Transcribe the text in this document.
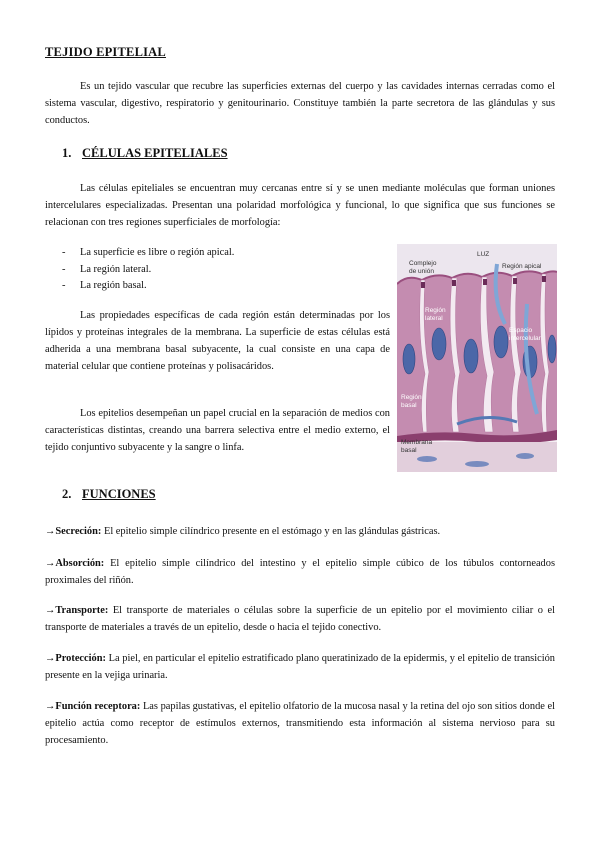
TEJIDO EPITELIAL

Es un tejido vascular que recubre las superficies externas del cuerpo y las cavidades internas cerradas como el sistema vascular, digestivo, respiratorio y genitourinario. Constituye también la parte secretora de las glándulas y sus conductos.

1. CÉLULAS EPITELIALES

Las células epiteliales se encuentran muy cercanas entre sí y se unen mediante moléculas que forman uniones intercelulares especializadas. Presentan una polaridad morfológica y funcional, lo que significa que sus funciones se relacionan con tres regiones superficiales de morfología:

- La superficie es libre o región apical.
- La región lateral.
- La región basal.

Las propiedades específicas de cada región están determinadas por los lípidos y proteínas integrales de la membrana. La superficie de estas células está adherida a una membrana basal subyacente, la cual consiste en una capa de material celular que contiene proteínas y polisacáridos.

Los epitelios desempeñan un papel crucial en la separación de medios con características distintas, creando una barrera selectiva entre el medio externo, el tejido conjuntivo subyacente y la sangre o linfa.

Complejo
de unión
LUZ
Región apical
Región
lateral
Espacio
intercelular
Región
basal
Membrana
basal
2. FUNCIONES

→Secreción: El epitelio simple cilíndrico presente en el estómago y en las glándulas gástricas.

→Absorción: El epitelio simple cilíndrico del intestino y el epitelio simple cúbico de los túbulos contorneados proximales del riñón.

→Transporte: El transporte de materiales o células sobre la superficie de un epitelio por el movimiento ciliar o el transporte de materiales a través de un epitelio, desde o hacia el tejido conectivo.

→Protección: La piel, en particular el epitelio estratificado plano queratinizado de la epidermis, y el epitelio de transición presente en la vejiga urinaria.

→Función receptora: Las papilas gustativas, el epitelio olfatorio de la mucosa nasal y la retina del ojo son sitios donde el epitelio actúa como receptor de estímulos externos, transmitiendo esta información al sistema nervioso para su procesamiento.
